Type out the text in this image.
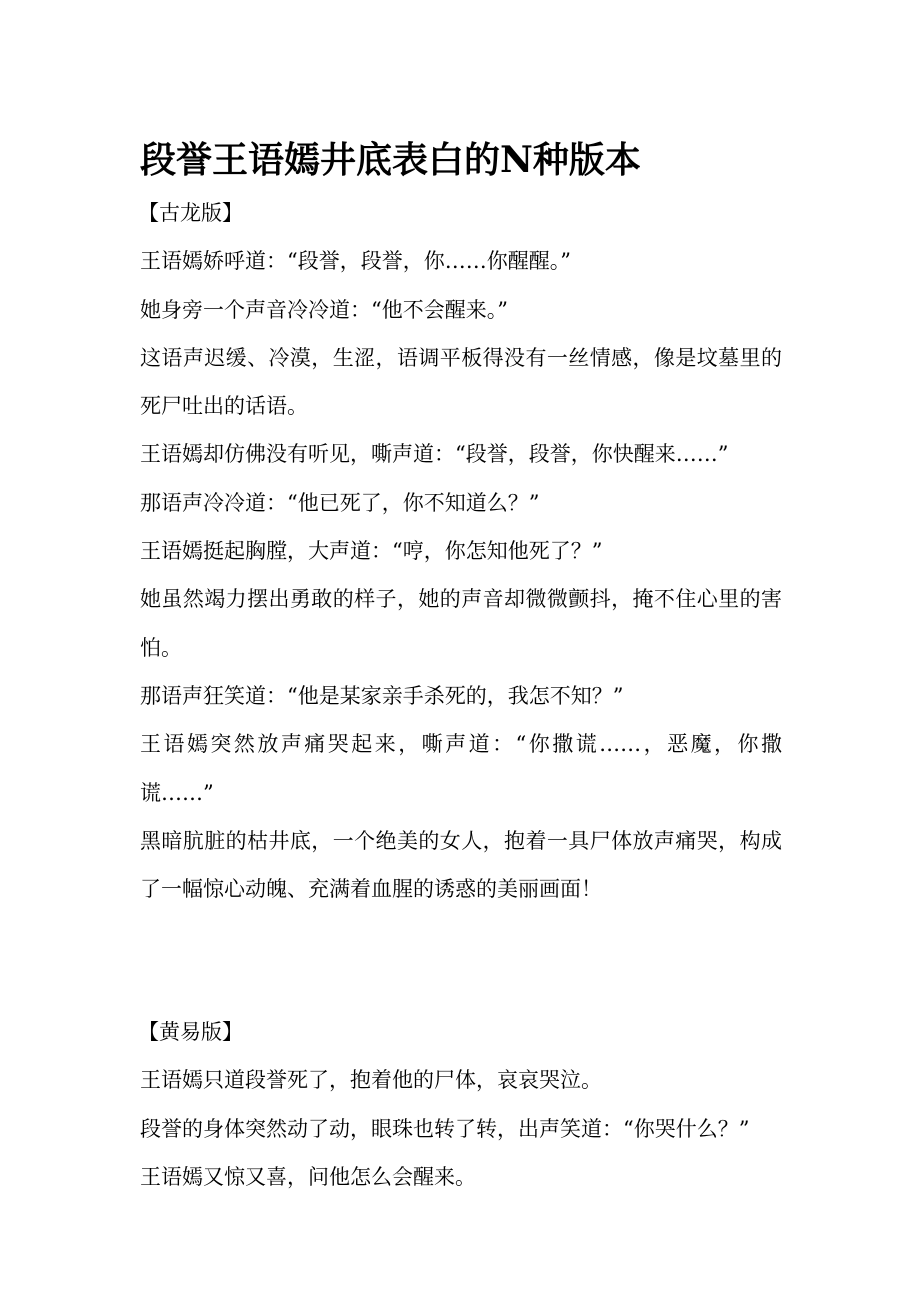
段誉王语嫣井底表白的N种版本
【古龙版】
王语嫣娇呼道：“段誉，段誉，你……你醒醒。”
她身旁一个声音冷冷道：“他不会醒来。”
这语声迟缓、冷漠，生涩，语调平板得没有一丝情感，像是坟墓里的
死尸吐出的话语。
王语嫣却仿佛没有听见，嘶声道：“段誉，段誉，你快醒来……”
那语声冷冷道：“他已死了，你不知道么？”
王语嫣挺起胸膛，大声道：“哼，你怎知他死了？”
她虽然竭力摆出勇敢的样子，她的声音却微微颤抖，掩不住心里的害
怕。
那语声狂笑道：“他是某家亲手杀死的，我怎不知？”
王语嫣突然放声痛哭起来，嘶声道：“你撒谎……，恶魔，你撒
谎……”
黑暗肮脏的枯井底，一个绝美的女人，抱着一具尸体放声痛哭，构成
了一幅惊心动魄、充满着血腥的诱惑的美丽画面！
【黄易版】
王语嫣只道段誉死了，抱着他的尸体，哀哀哭泣。
段誉的身体突然动了动，眼珠也转了转，出声笑道：“你哭什么？”
王语嫣又惊又喜，问他怎么会醒来。
